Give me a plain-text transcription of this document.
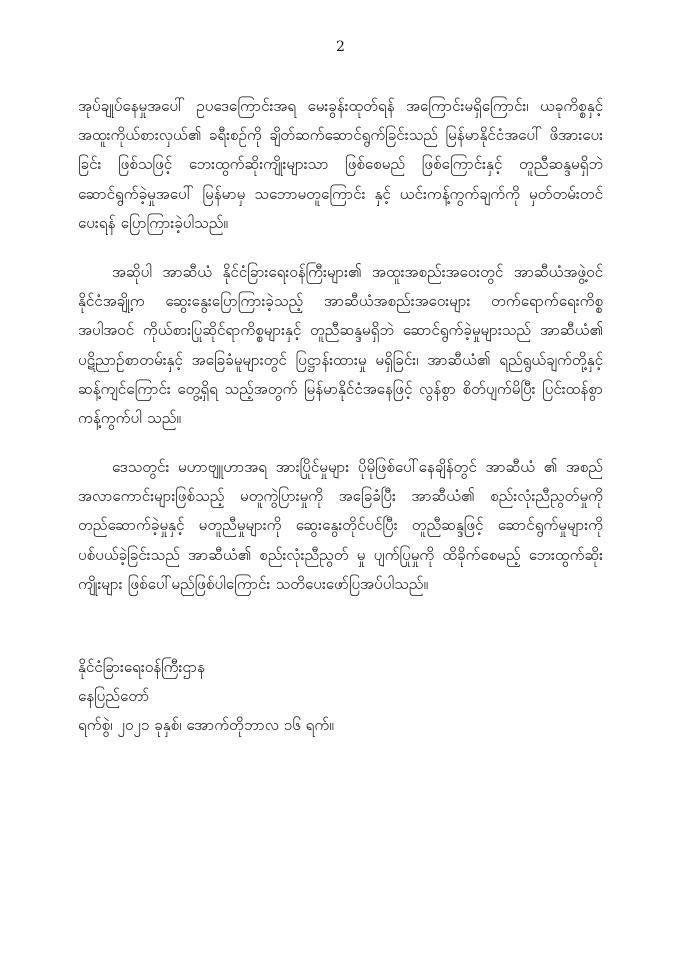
2

အုပ်ချုပ်နေမှုအပေါ် ဥပဒေကြောင်းအရ မေးခွန်းထုတ်ရန် အကြောင်းမရှိကြောင်း၊ ယခုကိစ္စနှင့် အထူးကိုယ်စားလှယ်၏ ခရီးစဉ်ကို ချိတ်ဆက်ဆောင်ရွက်ခြင်းသည် မြန်မာနိုင်ငံအပေါ် ဖိအားပေးခြင်း ဖြစ်သဖြင့် ဘေးထွက်ဆိုးကျိုးများသာ ဖြစ်စေမည် ဖြစ်ကြောင်းနှင့် တူညီဆန္ဒမရှိဘဲ ဆောင်ရွက်ခဲ့မှုအပေါ် မြန်မာမှ သဘောမတူကြောင်း နှင့် ယင်းကန့်ကွက်ချက်ကို မှတ်တမ်းတင်ပေးရန် ပြောကြားခဲ့ပါသည်။

အဆိုပါ အာဆီယံ နိုင်ငံခြားရေးဝန်ကြီးများ၏ အထူးအစည်းအဝေးတွင် အာဆီယံအဖွဲ့ဝင် နိုင်ငံအချို့က ဆွေးနွေးပြောကြားခဲ့သည့် အာဆီယံအစည်းအဝေးများ တက်ရောက်ရေးကိစ္စအပါအဝင် ကိုယ်စားပြုဆိုင်ရာကိစ္စများနှင့် တူညီဆန္ဒမရှိဘဲ ဆောင်ရွက်ခဲ့မှုများသည် အာဆီယံ၏ ပဋိညာဉ်စာတမ်းနှင့် အခြေခံမူများတွင် ပြဋ္ဌာန်းထားမှု မရှိခြင်း၊ အာဆီယံ၏ ရည်ရွယ်ချက်တို့နှင့် ဆန့်ကျင်ကြောင်း တွေ့ရှိရ သည့်အတွက် မြန်မာနိုင်ငံအနေဖြင့် လွန်စွာ စိတ်ပျက်မိပြီး ပြင်းထန်စွာ ကန့်ကွက်ပါ သည်။

ဒေသတွင်း မဟာဗျူဟာအရ အားပြိုင်မှုများ ပိုမိုဖြစ်ပေါ်နေချိန်တွင် အာဆီယံ ၏ အစည်အလာကောင်းများဖြစ်သည့် မတူကွဲပြားမှုကို အခြေခံပြီး အာဆီယံ၏ စည်းလုံးညီညွတ်မှုကို တည်ဆောက်ခဲ့မှုနှင့် မတူညီမှုများကို ဆွေးနွေးတိုင်ပင်ပြီး တူညီဆန္ဒဖြင့် ဆောင်ရွက်မှုများကို ပစ်ပယ်ခဲ့ခြင်းသည် အာဆီယံ၏ စည်းလုံးညီညွတ် မှု ပျက်ပြုမှုကို ထိခိုက်စေမည့် ဘေးထွက်ဆိုးကျိုးများ ဖြစ်ပေါ်မည်ဖြစ်ပါကြောင်း သတိပေးဖော်ပြအပ်ပါသည်။

နိုင်ငံခြားရေးဝန်ကြီးဌာန

နေပြည်တော်

ရက်စွဲ၊ ၂၀၂၁ ခုနှစ်၊ အောက်တိုဘာလ ၁၆ ရက်။
